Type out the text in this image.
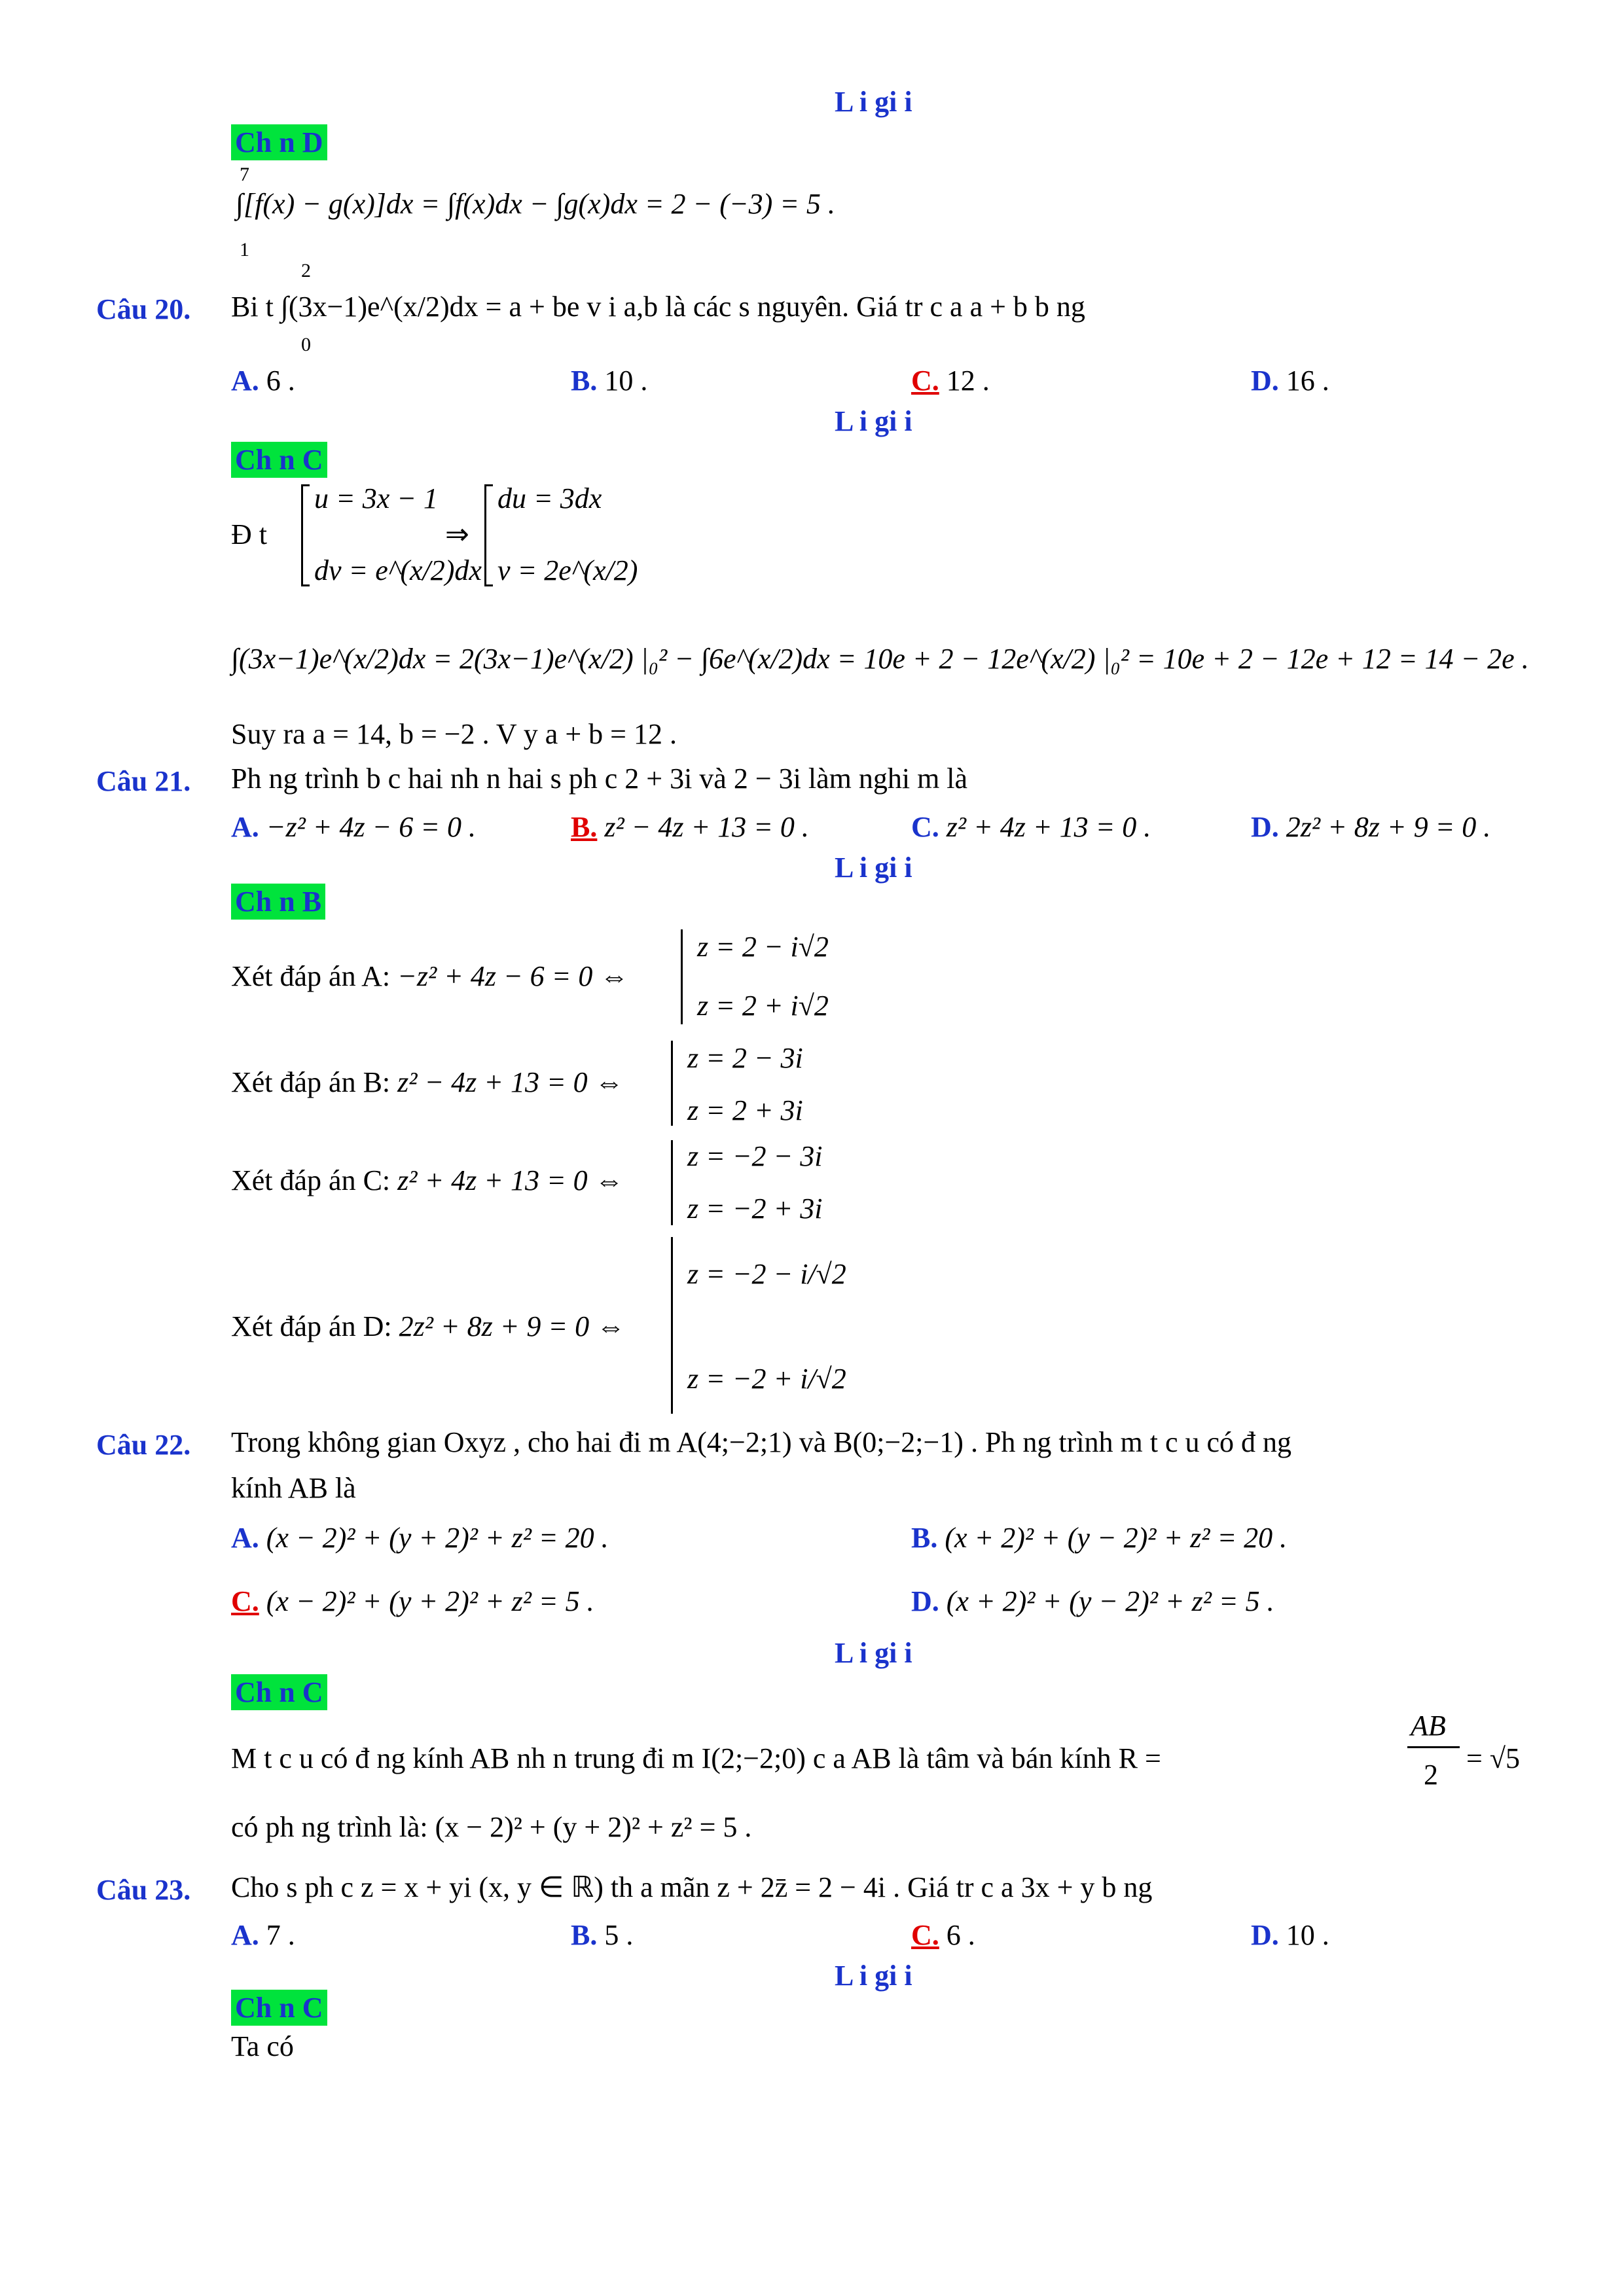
L i gi i
Ch n D
7
1
∫[f(x) − g(x)]dx = ∫f(x)dx − ∫g(x)dx = 2 − (−3) = 5 .
Câu 20.
2
0
Bi t ∫(3x−1)e^(x/2)dx = a + be v i a,b là các s nguyên. Giá tr c a a + b b ng
A. 6 .	B. 10 .	C. 12 .	D. 16 .
L i gi i
Ch n C
Đ t
u = 3x − 1
dv = e^(x/2)dx
⇒
du = 3dx
v = 2e^(x/2)
∫(3x−1)e^(x/2)dx = 2(3x−1)e^(x/2) |₀² − ∫6e^(x/2)dx = 10e + 2 − 12e^(x/2) |₀² = 10e + 2 − 12e + 12 = 14 − 2e .
Suy ra a = 14, b = −2 . V y a + b = 12 .
Câu 21. Ph ng trình b c hai nh n hai s ph c 2 + 3i và 2 − 3i làm nghi m là
A. −z² + 4z − 6 = 0 .	B. z² − 4z + 13 = 0 .	C. z² + 4z + 13 = 0 .	D. 2z² + 8z + 9 = 0 .
L i gi i
Ch n B
Xét đáp án A: −z² + 4z − 6 = 0 ⇔
z = 2 − i√2
z = 2 + i√2
Xét đáp án B: z² − 4z + 13 = 0 ⇔
z = 2 − 3i
z = 2 + 3i
Xét đáp án C: z² + 4z + 13 = 0 ⇔
z = −2 − 3i
z = −2 + 3i
Xét đáp án D: 2z² + 8z + 9 = 0 ⇔
z = −2 − i/√2
z = −2 + i/√2
Câu 22. Trong không gian Oxyz , cho hai đi m A(4;−2;1) và B(0;−2;−1) . Ph ng trình m t c u có đ ng
kính AB là
A. (x − 2)² + (y + 2)² + z² = 20 .	B. (x + 2)² + (y − 2)² + z² = 20 .
C. (x − 2)² + (y + 2)² + z² = 5 .	D. (x + 2)² + (y − 2)² + z² = 5 .
L i gi i
Ch n C
M t c u có đ ng kính AB nh n trung đi m I(2;−2;0) c a AB là tâm và bán kính R =
AB
2
= √5
có ph ng trình là: (x − 2)² + (y + 2)² + z² = 5 .
Câu 23. Cho s ph c z = x + yi (x, y ∈ ℝ) th a mãn z + 2z̄ = 2 − 4i . Giá tr c a 3x + y b ng
A. 7 .	B. 5 .	C. 6 .	D. 10 .
L i gi i
Ch n C
Ta có
